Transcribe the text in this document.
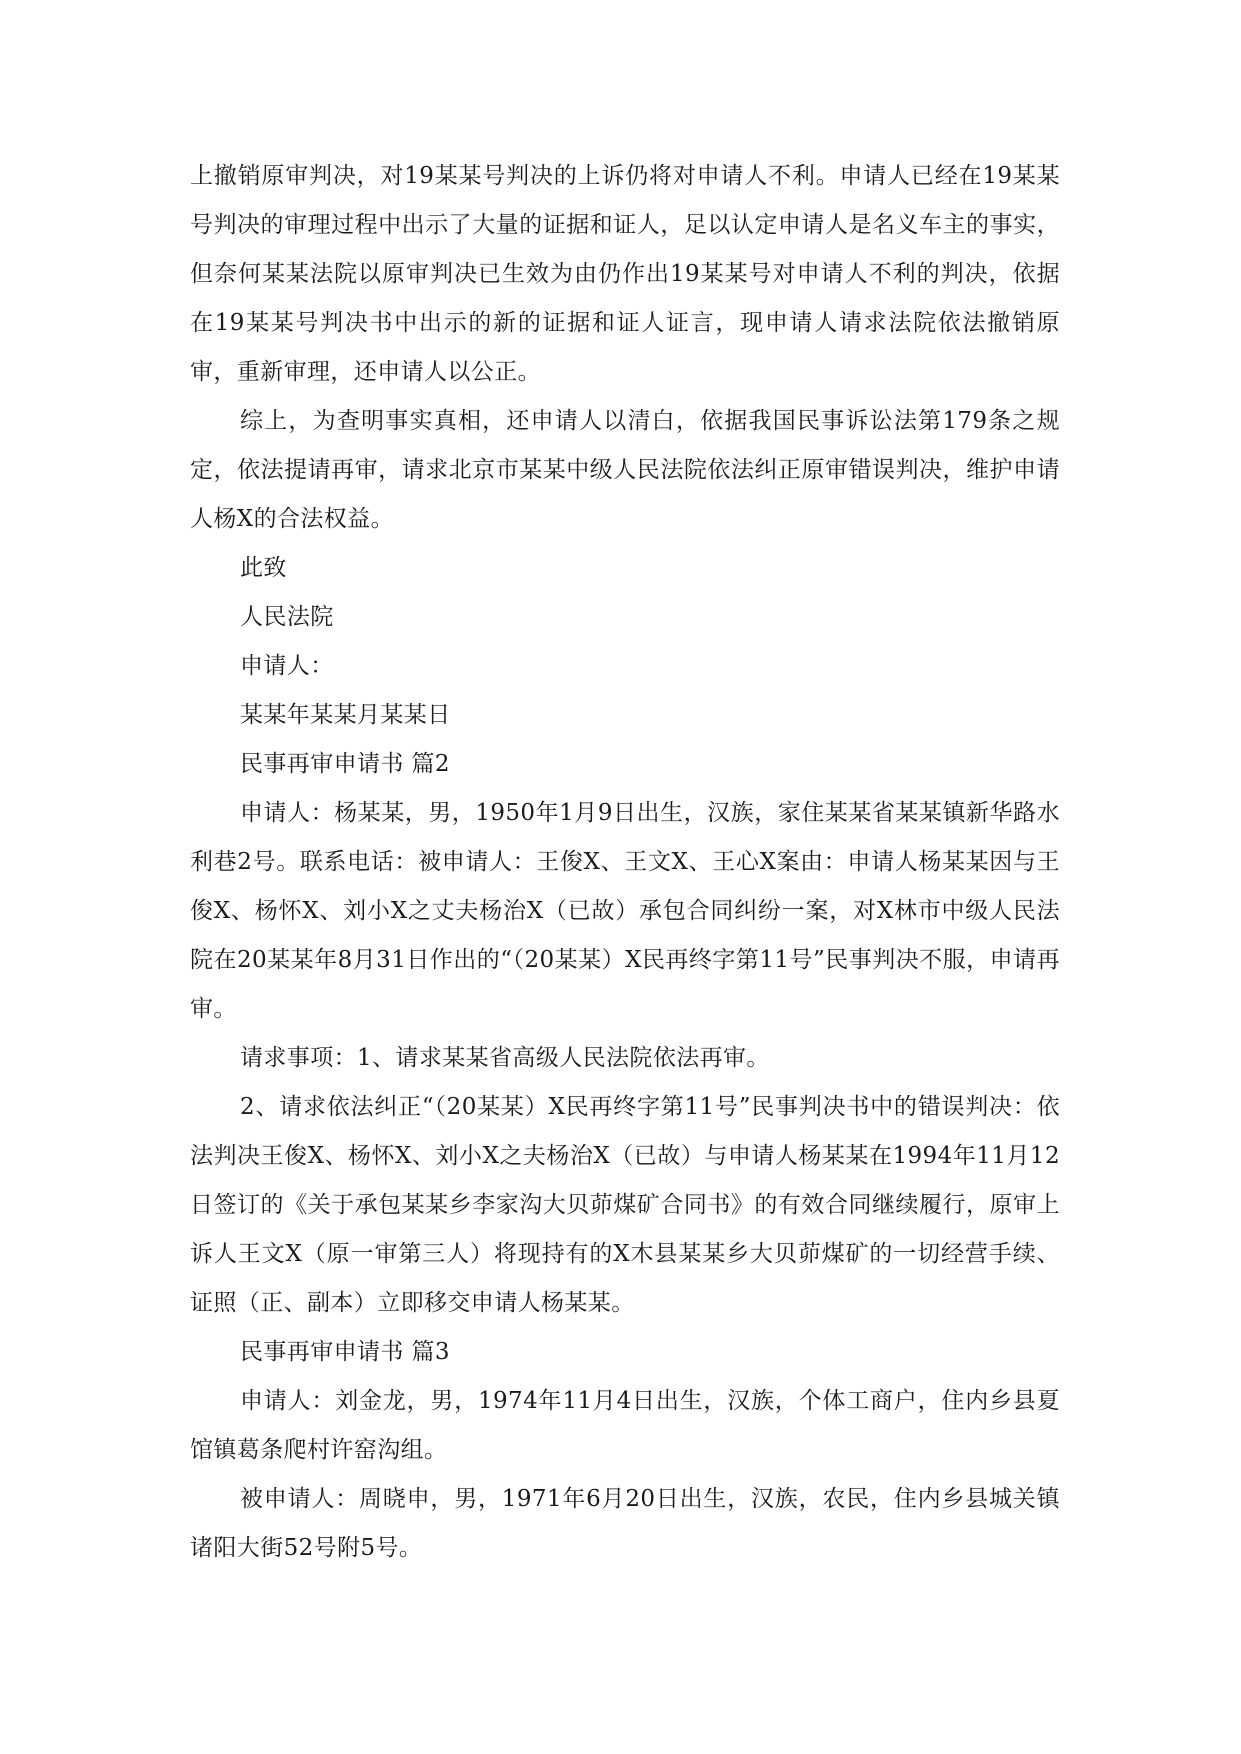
上撤销原审判决，对19某某号判决的上诉仍将对申请人不利。申请人已经在19某某号判决的审理过程中出示了大量的证据和证人，足以认定申请人是名义车主的事实，但奈何某某法院以原审判决已生效为由仍作出19某某号对申请人不利的判决，依据在19某某号判决书中出示的新的证据和证人证言，现申请人请求法院依法撤销原审，重新审理，还申请人以公正。

综上，为查明事实真相，还申请人以清白，依据我国民事诉讼法第179条之规定，依法提请再审，请求北京市某某中级人民法院依法纠正原审错误判决，维护申请人杨X的合法权益。

此致

人民法院

申请人：

某某年某某月某某日

民事再审申请书 篇2

申请人：杨某某，男，1950年1月9日出生，汉族，家住某某省某某镇新华路水利巷2号。联系电话：被申请人：王俊X、王文X、王心X案由：申请人杨某某因与王俊X、杨怀X、刘小X之丈夫杨治X（已故）承包合同纠纷一案，对X林市中级人民法院在20某某年8月31日作出的“（20某某）X民再终字第11号”民事判决不服，申请再审。

请求事项：1、请求某某省高级人民法院依法再审。

2、请求依法纠正“（20某某）X民再终字第11号”民事判决书中的错误判决：依法判决王俊X、杨怀X、刘小X之夫杨治X（已故）与申请人杨某某在1994年11月12日签订的《关于承包某某乡李家沟大贝茆煤矿合同书》的有效合同继续履行，原审上诉人王文X（原一审第三人）将现持有的X木县某某乡大贝茆煤矿的一切经营手续、证照（正、副本）立即移交申请人杨某某。

民事再审申请书 篇3

申请人：刘金龙，男，1974年11月4日出生，汉族，个体工商户，住内乡县夏馆镇葛条爬村许窑沟组。

被申请人：周晓申，男，1971年6月20日出生，汉族，农民，住内乡县城关镇诸阳大街52号附5号。
